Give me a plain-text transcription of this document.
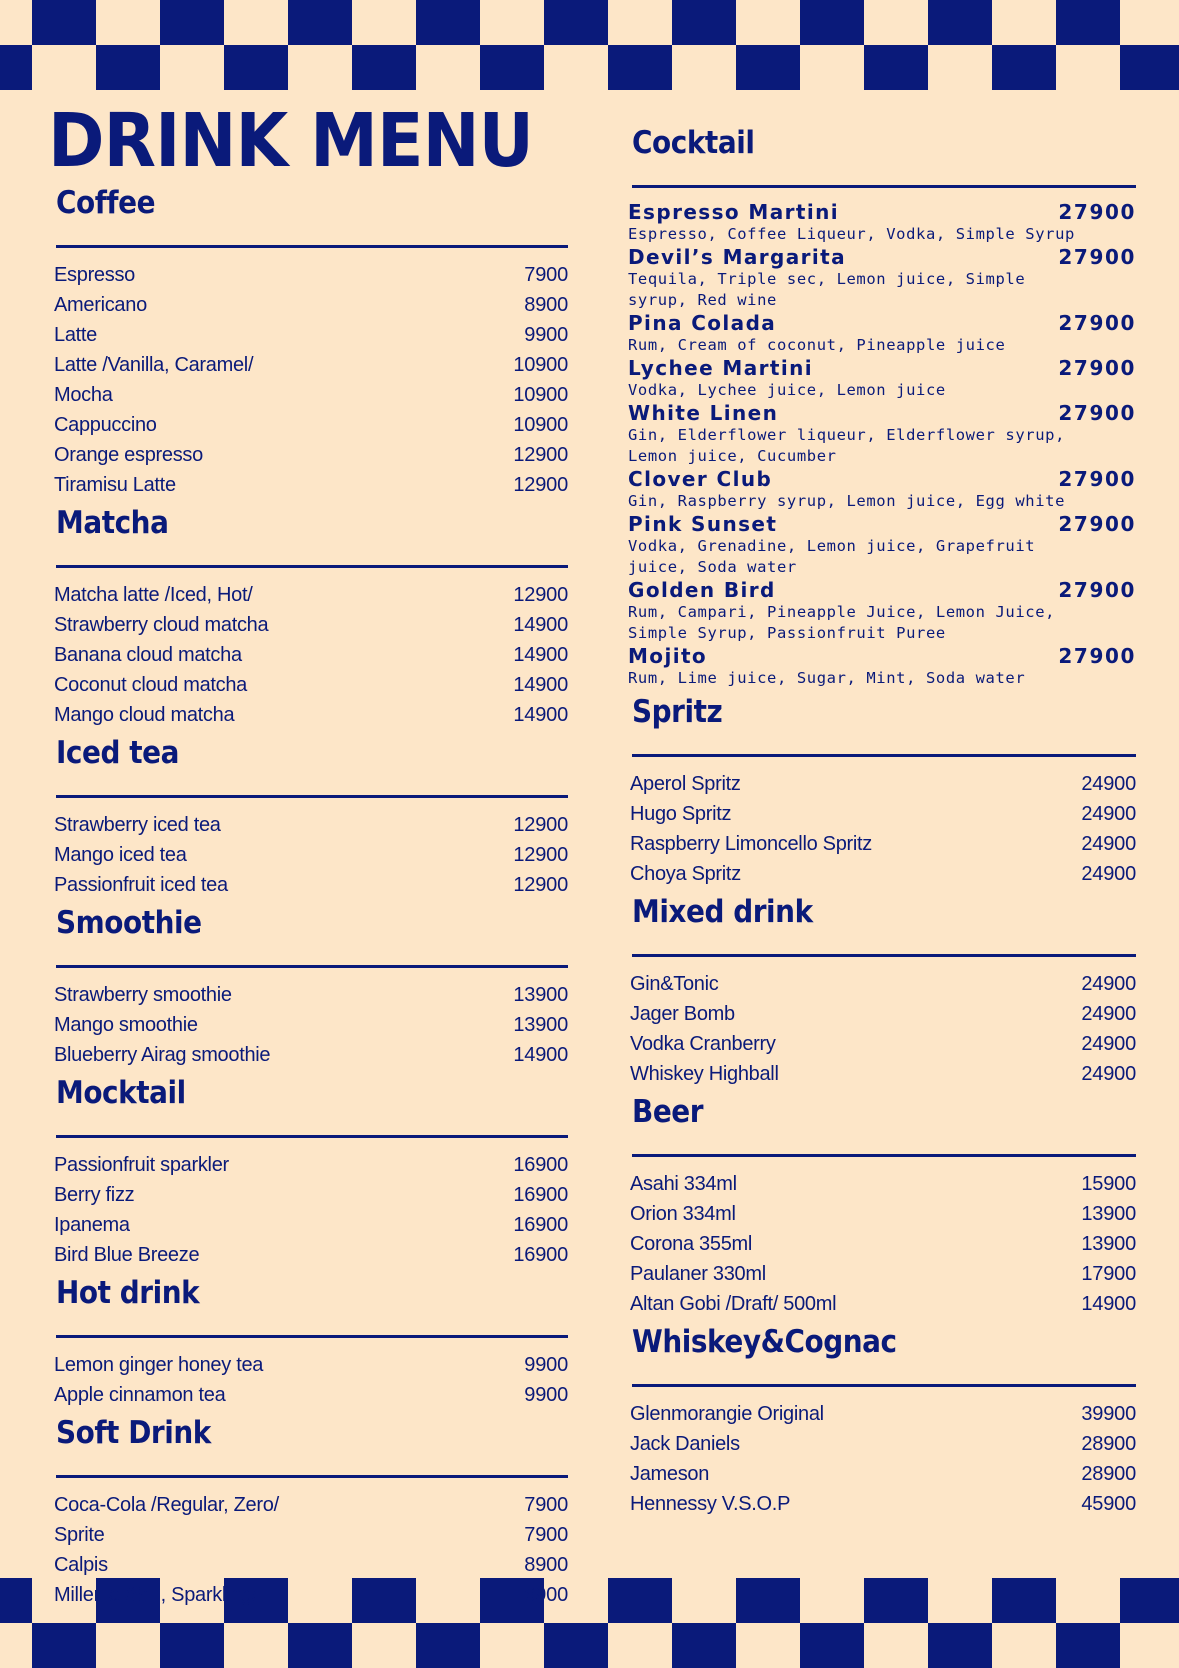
DRINK MENU
Coffee
Espresso	7900
Americano	8900
Latte	9900
Latte /Vanilla, Caramel/	10900
Mocha	10900
Cappuccino	10900
Orange espresso	12900
Tiramisu Latte	12900
Matcha
Matcha latte /Iced, Hot/	12900
Strawberry cloud matcha	14900
Banana cloud matcha	14900
Coconut cloud matcha	14900
Mango cloud matcha	14900
Iced tea
Strawberry iced tea	12900
Mango iced tea	12900
Passionfruit iced tea	12900
Smoothie
Strawberry smoothie	13900
Mango smoothie	13900
Blueberry Airag smoothie	14900
Mocktail
Passionfruit sparkler	16900
Berry fizz	16900
Ipanema	16900
Bird Blue Breeze	16900
Hot drink
Lemon ginger honey tea	9900
Apple cinnamon tea	9900
Soft Drink
Coca-Cola /Regular, Zero/	7900
Sprite	7900
Calpis	8900
Millenia /Still, Sparkling/	6900
Cocktail
Espresso Martini	27900
Espresso, Coffee Liqueur, Vodka, Simple Syrup
Devil’s Margarita	27900
Tequila, Triple sec, Lemon juice, Simple syrup, Red wine
Pina Colada	27900
Rum, Cream of coconut, Pineapple juice
Lychee Martini	27900
Vodka, Lychee juice, Lemon juice
White Linen	27900
Gin, Elderflower liqueur, Elderflower syrup, Lemon juice, Cucumber
Clover Club	27900
Gin, Raspberry syrup, Lemon juice, Egg white
Pink Sunset	27900
Vodka, Grenadine, Lemon juice, Grapefruit juice, Soda water
Golden Bird	27900
Rum, Campari, Pineapple Juice, Lemon Juice, Simple Syrup, Passionfruit Puree
Mojito	27900
Rum, Lime juice, Sugar, Mint, Soda water
Spritz
Aperol Spritz	24900
Hugo Spritz	24900
Raspberry Limoncello Spritz	24900
Choya Spritz	24900
Mixed drink
Gin&Tonic	24900
Jager Bomb	24900
Vodka Cranberry	24900
Whiskey Highball	24900
Beer
Asahi 334ml	15900
Orion 334ml	13900
Corona 355ml	13900
Paulaner 330ml	17900
Altan Gobi /Draft/ 500ml	14900
Whiskey&Cognac
Glenmorangie Original	39900
Jack Daniels	28900
Jameson	28900
Hennessy V.S.O.P	45900
